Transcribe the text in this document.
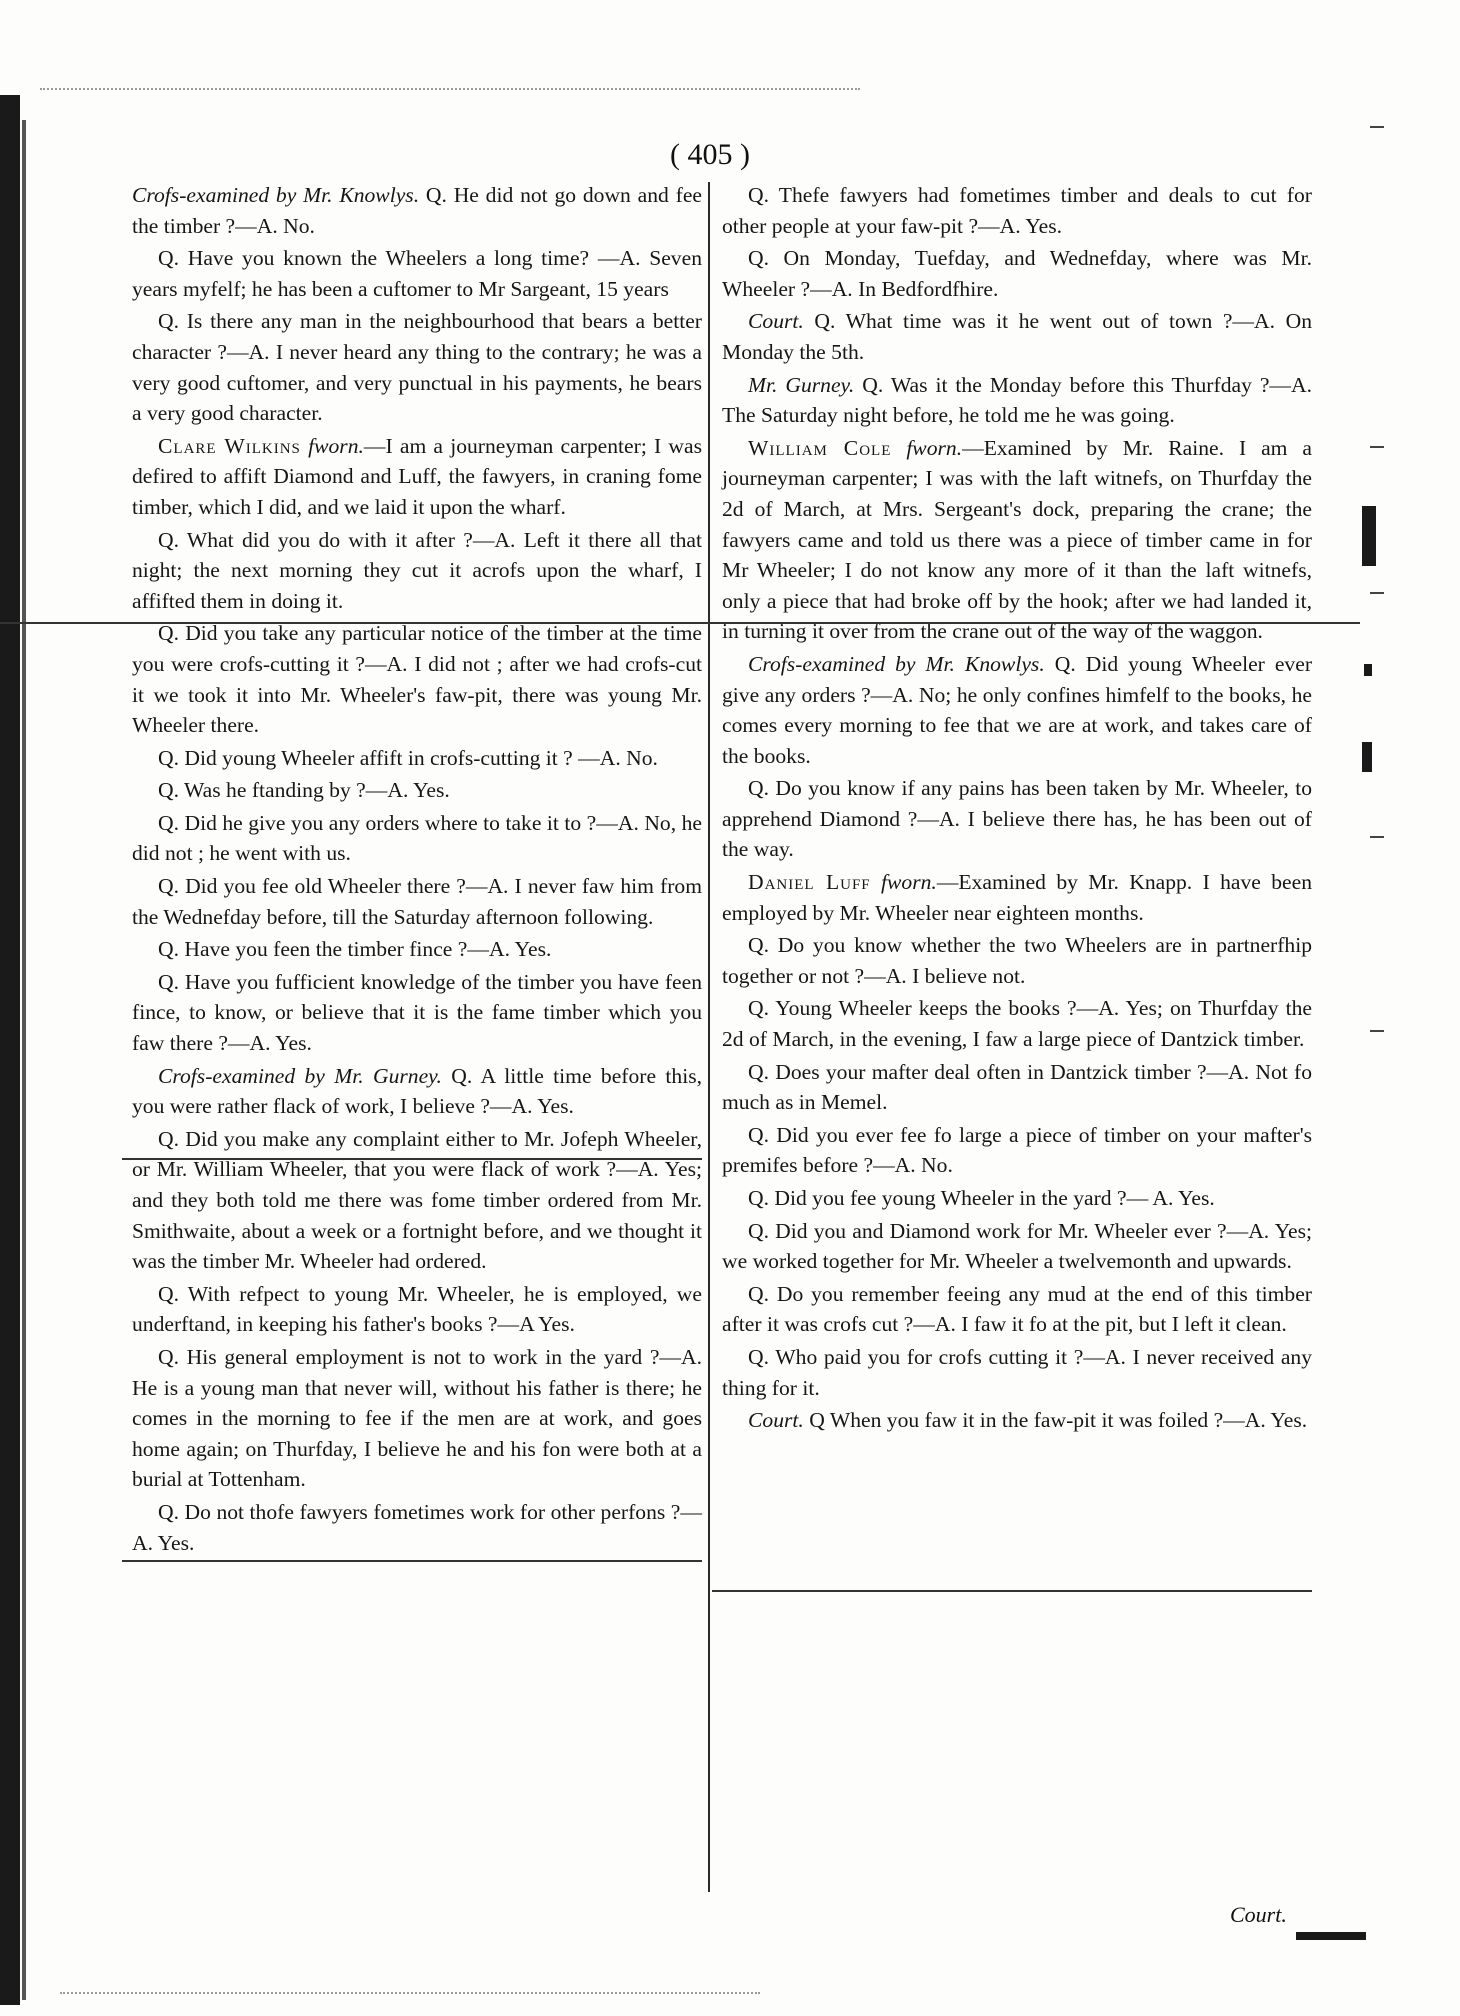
( 405 )

Crofs-examined by Mr. Knowlys. Q. He did not go down and fee the timber ?—A. No.

Q. Have you known the Wheelers a long time? —A. Seven years myfelf; he has been a cuftomer to Mr Sargeant, 15 years

Q. Is there any man in the neighbourhood that bears a better character ?—A. I never heard any thing to the contrary; he was a very good cuftomer, and very punctual in his payments, he bears a very good character.

Clare Wilkins fworn.—I am a journeyman carpenter; I was defired to affift Diamond and Luff, the fawyers, in craning fome timber, which I did, and we laid it upon the wharf.

Q. What did you do with it after ?—A. Left it there all that night; the next morning they cut it acrofs upon the wharf, I affifted them in doing it.

Q. Did you take any particular notice of the timber at the time you were crofs-cutting it ?—A. I did not ; after we had crofs-cut it we took it into Mr. Wheeler's faw-pit, there was young Mr. Wheeler there.

Q. Did young Wheeler affift in crofs-cutting it ? —A. No.

Q. Was he ftanding by ?—A. Yes.

Q. Did he give you any orders where to take it to ?—A. No, he did not ; he went with us.

Q. Did you fee old Wheeler there ?—A. I never faw him from the Wednefday before, till the Saturday afternoon following.

Q. Have you feen the timber fince ?—A. Yes.

Q. Have you fufficient knowledge of the timber you have feen fince, to know, or believe that it is the fame timber which you faw there ?—A. Yes.

Crofs-examined by Mr. Gurney. Q. A little time before this, you were rather flack of work, I believe ?—A. Yes.

Q. Did you make any complaint either to Mr. Jofeph Wheeler, or Mr. William Wheeler, that you were flack of work ?—A. Yes; and they both told me there was fome timber ordered from Mr. Smithwaite, about a week or a fortnight before, and we thought it was the timber Mr. Wheeler had ordered.

Q. With refpect to young Mr. Wheeler, he is employed, we underftand, in keeping his father's books ?—A Yes.

Q. His general employment is not to work in the yard ?—A. He is a young man that never will, without his father is there; he comes in the morning to fee if the men are at work, and goes home again; on Thurfday, I believe he and his fon were both at a burial at Tottenham.

Q. Do not thofe fawyers fometimes work for other perfons ?—A. Yes.

Q. Thefe fawyers had fometimes timber and deals to cut for other people at your faw-pit ?—A. Yes.

Q. On Monday, Tuefday, and Wednefday, where was Mr. Wheeler ?—A. In Bedfordfhire.

Court. Q. What time was it he went out of town ?—A. On Monday the 5th.

Mr. Gurney. Q. Was it the Monday before this Thurfday ?—A. The Saturday night before, he told me he was going.

William Cole fworn.—Examined by Mr. Raine. I am a journeyman carpenter; I was with the laft witnefs, on Thurfday the 2d of March, at Mrs. Sergeant's dock, preparing the crane; the fawyers came and told us there was a piece of timber came in for Mr Wheeler; I do not know any more of it than the laft witnefs, only a piece that had broke off by the hook; after we had landed it, in turning it over from the crane out of the way of the waggon.

Crofs-examined by Mr. Knowlys. Q. Did young Wheeler ever give any orders ?—A. No; he only confines himfelf to the books, he comes every morning to fee that we are at work, and takes care of the books.

Q. Do you know if any pains has been taken by Mr. Wheeler, to apprehend Diamond ?—A. I believe there has, he has been out of the way.

Daniel Luff fworn.—Examined by Mr. Knapp. I have been employed by Mr. Wheeler near eighteen months.

Q. Do you know whether the two Wheelers are in partnerfhip together or not ?—A. I believe not.

Q. Young Wheeler keeps the books ?—A. Yes; on Thurfday the 2d of March, in the evening, I faw a large piece of Dantzick timber.

Q. Does your mafter deal often in Dantzick timber ?—A. Not fo much as in Memel.

Q. Did you ever fee fo large a piece of timber on your mafter's premifes before ?—A. No.

Q. Did you fee young Wheeler in the yard ?— A. Yes.

Q. Did you and Diamond work for Mr. Wheeler ever ?—A. Yes; we worked together for Mr. Wheeler a twelvemonth and upwards.

Q. Do you remember feeing any mud at the end of this timber after it was crofs cut ?—A. I faw it fo at the pit, but I left it clean.

Q. Who paid you for crofs cutting it ?—A. I never received any thing for it.

Court. Q When you faw it in the faw-pit it was foiled ?—A. Yes.

Court.
